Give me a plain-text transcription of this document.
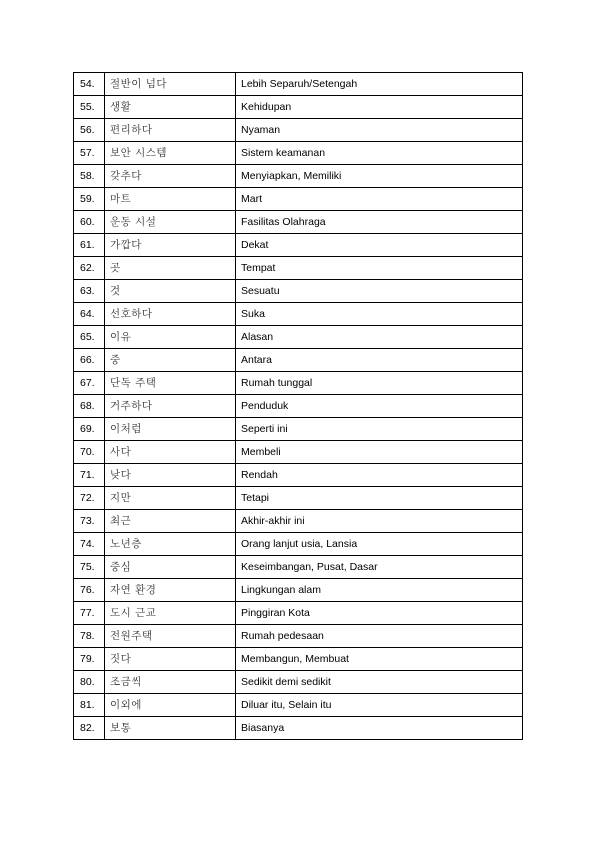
54.	절반이 넘다	Lebih Separuh/Setengah
55.	생활	Kehidupan
56.	편리하다	Nyaman
57.	보안 시스템	Sistem keamanan
58.	갖추다	Menyiapkan, Memiliki
59.	마트	Mart
60.	운동 시설	Fasilitas Olahraga
61.	가깝다	Dekat
62.	곳	Tempat
63.	것	Sesuatu
64.	선호하다	Suka
65.	이유	Alasan
66.	중	Antara
67.	단독 주택	Rumah tunggal
68.	거주하다	Penduduk
69.	이처럼	Seperti ini
70.	사다	Membeli
71.	낮다	Rendah
72.	지만	Tetapi
73.	최근	Akhir-akhir ini
74.	노년층	Orang lanjut usia, Lansia
75.	중심	Keseimbangan, Pusat, Dasar
76.	자연 환경	Lingkungan alam
77.	도시 근교	Pinggiran Kota
78.	전원주택	Rumah pedesaan
79.	짓다	Membangun, Membuat
80.	조금씩	Sedikit demi sedikit
81.	이외에	Diluar itu, Selain itu
82.	보통	Biasanya
